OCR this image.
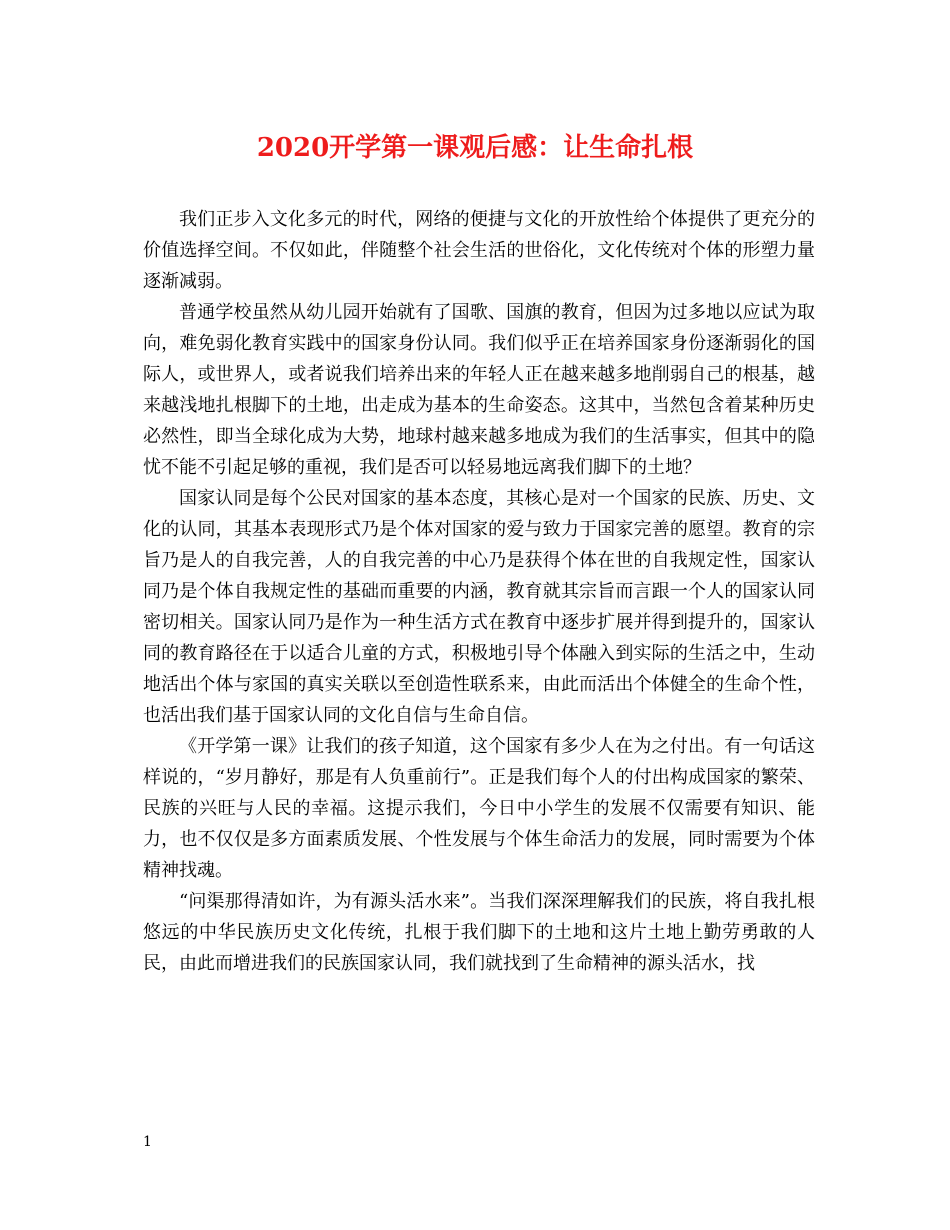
2020开学第一课观后感：让生命扎根

我们正步入文化多元的时代，网络的便捷与文化的开放性给个体提供了更充分的价值选择空间。不仅如此，伴随整个社会生活的世俗化，文化传统对个体的形塑力量逐渐减弱。

普通学校虽然从幼儿园开始就有了国歌、国旗的教育，但因为过多地以应试为取向，难免弱化教育实践中的国家身份认同。我们似乎正在培养国家身份逐渐弱化的国际人，或世界人，或者说我们培养出来的年轻人正在越来越多地削弱自己的根基，越来越浅地扎根脚下的土地，出走成为基本的生命姿态。这其中，当然包含着某种历史必然性，即当全球化成为大势，地球村越来越多地成为我们的生活事实，但其中的隐忧不能不引起足够的重视，我们是否可以轻易地远离我们脚下的土地？

国家认同是每个公民对国家的基本态度，其核心是对一个国家的民族、历史、文化的认同，其基本表现形式乃是个体对国家的爱与致力于国家完善的愿望。教育的宗旨乃是人的自我完善，人的自我完善的中心乃是获得个体在世的自我规定性，国家认同乃是个体自我规定性的基础而重要的内涵，教育就其宗旨而言跟一个人的国家认同密切相关。国家认同乃是作为一种生活方式在教育中逐步扩展并得到提升的，国家认同的教育路径在于以适合儿童的方式，积极地引导个体融入到实际的生活之中，生动地活出个体与家国的真实关联以至创造性联系来，由此而活出个体健全的生命个性，也活出我们基于国家认同的文化自信与生命自信。

《开学第一课》让我们的孩子知道，这个国家有多少人在为之付出。有一句话这样说的，“岁月静好，那是有人负重前行”。正是我们每个人的付出构成国家的繁荣、民族的兴旺与人民的幸福。这提示我们，今日中小学生的发展不仅需要有知识、能力，也不仅仅是多方面素质发展、个性发展与个体生命活力的发展，同时需要为个体精神找魂。

“问渠那得清如许，为有源头活水来”。当我们深深理解我们的民族，将自我扎根悠远的中华民族历史文化传统，扎根于我们脚下的土地和这片土地上勤劳勇敢的人民，由此而增进我们的民族国家认同，我们就找到了生命精神的源头活水，找

1
